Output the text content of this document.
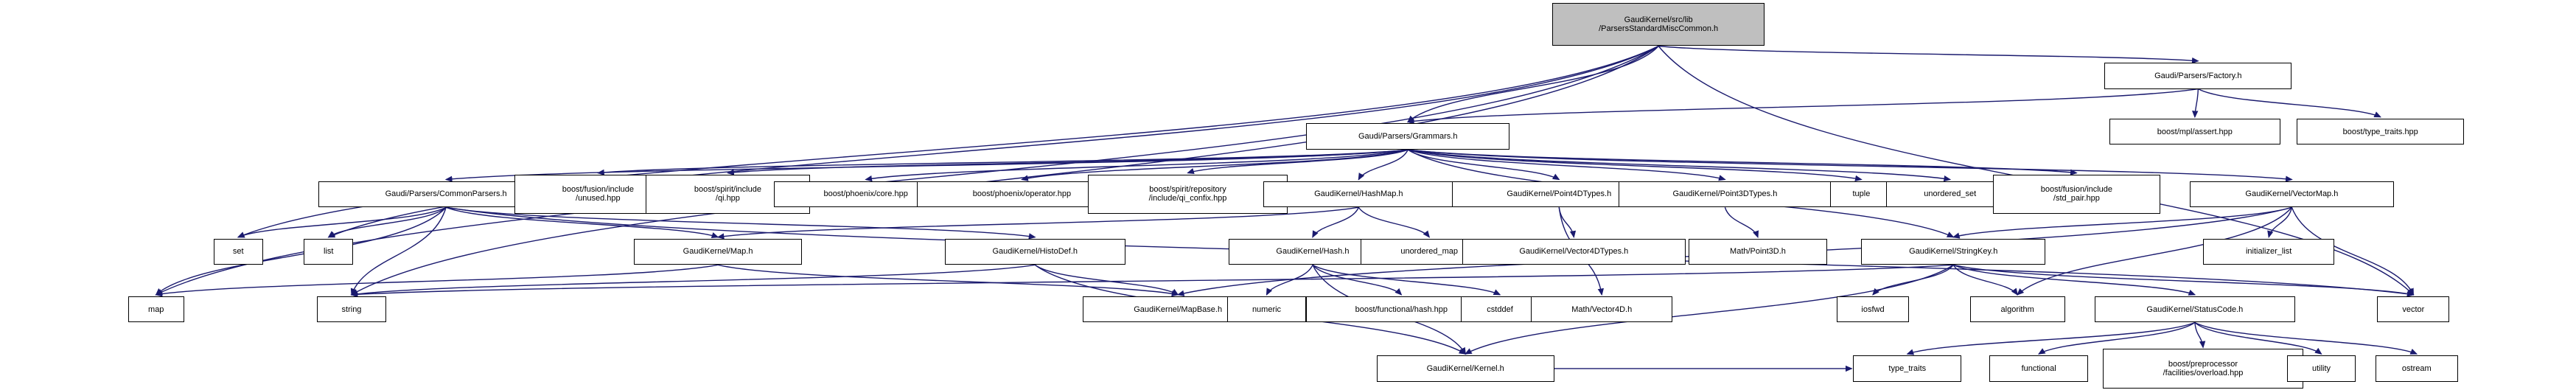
GaudiKernel/src/lib
/ParsersStandardMiscCommon.h
Gaudi/Parsers/Factory.h
boost/mpl/assert.hpp	boost/type_traits.hpp
Gaudi/Parsers/Grammars.h
Gaudi/Parsers/CommonParsers.h	boost/fusion/include
/unused.hpp
boost/spirit/include
/qi.hpp
boost/phoenix/core.hpp	boost/phoenix/operator.hpp	boost/spirit/repository
/include/qi_confix.hpp
GaudiKernel/HashMap.h	GaudiKernel/Point4DTypes.h	GaudiKernel/Point3DTypes.h	tuple	unordered_set	boost/fusion/include
/std_pair.hpp
GaudiKernel/VectorMap.h
set	list	GaudiKernel/Map.h	GaudiKernel/HistoDef.h	GaudiKernel/Hash.h	unordered_map	GaudiKernel/Vector4DTypes.h	Math/Point3D.h	GaudiKernel/StringKey.h	initializer_list
map	string	GaudiKernel/MapBase.h	numeric	boost/functional/hash.hpp	cstddef	Math/Vector4D.h	iosfwd	algorithm	GaudiKernel/StatusCode.h	vector
GaudiKernel/Kernel.h	type_traits	functional	boost/preprocessor
/facilities/overload.hpp	utility	ostream
